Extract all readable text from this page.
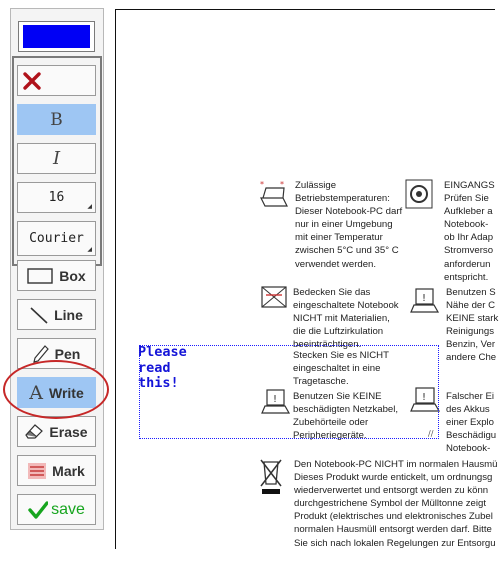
B
I
16
◢
Courier
◢
Box
Line
Pen
A Write
Erase
Mark
save
* *
!
!
!
Zulässige
Betriebstemperaturen:
Dieser Notebook-PC darf
nur in einer Umgebung
mit einer Temperatur
zwischen 5°C und 35° C
verwendet werden.
Bedecken Sie das
eingeschaltete Notebook
NICHT mit Materialien,
die die Luftzirkulation
beeinträchtigen.
Stecken Sie es NICHT
eingeschaltet in eine
Tragetasche.
Benutzen Sie KEINE
beschädigten Netzkabel,
Zubehörteile oder
Peripheriegeräte.
EINGANGS
Prüfen Sie
Aufkleber a
Notebook-
ob Ihr Adap
Stromverso
anforderun
entspricht.
Benutzen S
Nähe der C
KEINE stark
Reinigungs
Benzin, Ver
andere Che
Falscher Ei
des Akkus
einer Explo
Beschädigu
Notebook-
Den Notebook-PC NICHT im normalen Hausmü
Dieses Produkt wurde entickelt, um ordnungsg
wiederverwertet und entsorgt werden zu könn
durchgestrichene Symbol der Mülltonne zeigt
Produkt (elektrisches und elektronisches Zubel
normalen Hausmüll entsorgt werden darf. Bitte
Sie sich nach lokalen Regelungen zur Entsorgu
Please
read
this!
∕∕
